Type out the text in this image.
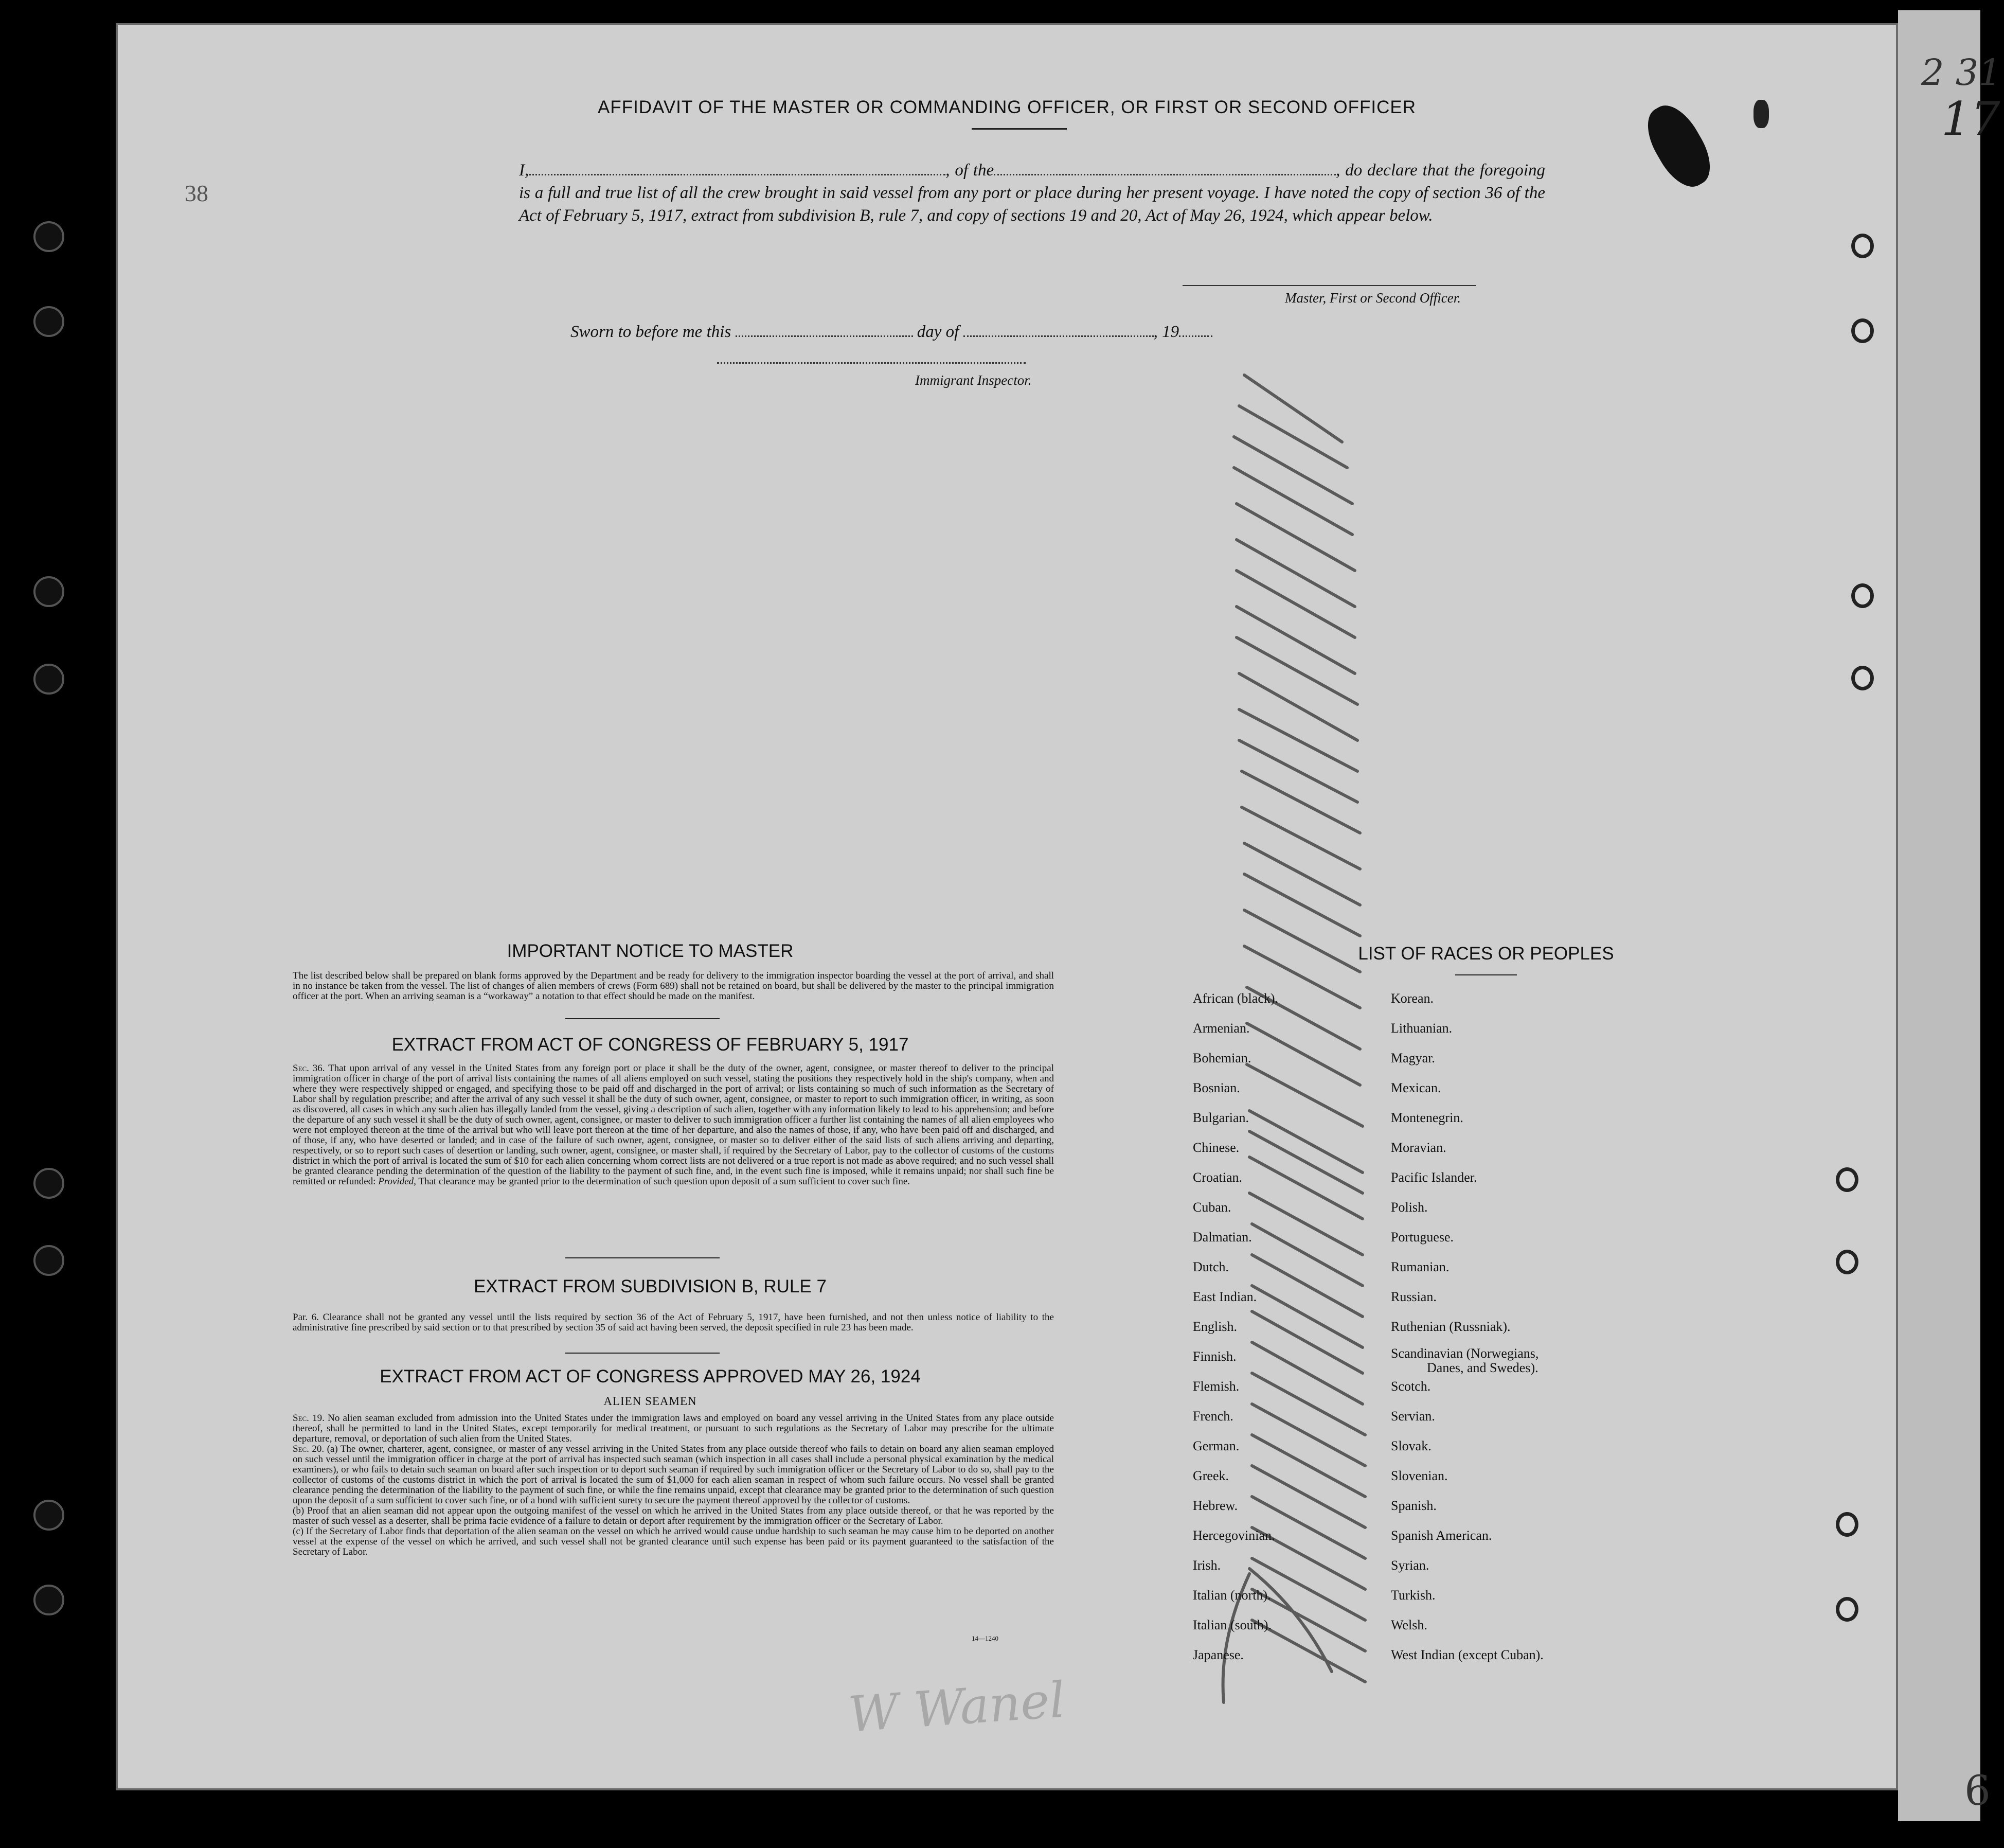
2 31
38
17
6
AFFIDAVIT OF THE MASTER OR COMMANDING OFFICER, OR FIRST OR SECOND OFFICER
I,	, of the	, do declare that the foregoing is a full and true list of all the crew brought in said vessel from any port or place during her present voyage. I have noted the copy of section 36 of the Act of February 5, 1917, extract from subdivision B, rule 7, and copy of sections 19 and 20, Act of May 26, 1924, which appear below.
Master, First or Second Officer.
Sworn to before me this	day of	, 19
Immigrant Inspector.
IMPORTANT NOTICE TO MASTER
The list described below shall be prepared on blank forms approved by the Department and be ready for delivery to the immigration inspector boarding the vessel at the port of arrival, and shall in no instance be taken from the vessel. The list of changes of alien members of crews (Form 689) shall not be retained on board, but shall be delivered by the master to the principal immigration officer at the port. When an arriving seaman is a “workaway” a notation to that effect should be made on the manifest.
EXTRACT FROM ACT OF CONGRESS OF FEBRUARY 5, 1917
Sec. 36. That upon arrival of any vessel in the United States from any foreign port or place it shall be the duty of the owner, agent, consignee, or master thereof to deliver to the principal immigration officer in charge of the port of arrival lists containing the names of all aliens employed on such vessel, stating the positions they respectively hold in the ship's company, when and where they were respectively shipped or engaged, and specifying those to be paid off and discharged in the port of arrival; or lists containing so much of such information as the Secretary of Labor shall by regulation prescribe; and after the arrival of any such vessel it shall be the duty of such owner, agent, consignee, or master to report to such immigration officer, in writing, as soon as discovered, all cases in which any such alien has illegally landed from the vessel, giving a description of such alien, together with any information likely to lead to his apprehension; and before the departure of any such vessel it shall be the duty of such owner, agent, consignee, or master to deliver to such immigration officer a further list containing the names of all alien employees who were not employed thereon at the time of the arrival but who will leave port thereon at the time of her departure, and also the names of those, if any, who have been paid off and discharged, and of those, if any, who have deserted or landed; and in case of the failure of such owner, agent, consignee, or master so to deliver either of the said lists of such aliens arriving and departing, respectively, or so to report such cases of desertion or landing, such owner, agent, consignee, or master shall, if required by the Secretary of Labor, pay to the collector of customs of the customs district in which the port of arrival is located the sum of $10 for each alien concerning whom correct lists are not delivered or a true report is not made as above required; and no such vessel shall be granted clearance pending the determination of the question of the liability to the payment of such fine, and, in the event such fine is imposed, while it remains unpaid; nor shall such fine be remitted or refunded: Provided, That clearance may be granted prior to the determination of such question upon deposit of a sum sufficient to cover such fine.
EXTRACT FROM SUBDIVISION B, RULE 7
Par. 6. Clearance shall not be granted any vessel until the lists required by section 36 of the Act of February 5, 1917, have been furnished, and not then unless notice of liability to the administrative fine prescribed by said section or to that prescribed by section 35 of said act having been served, the deposit specified in rule 23 has been made.
EXTRACT FROM ACT OF CONGRESS APPROVED MAY 26, 1924
ALIEN SEAMEN
Sec. 19. No alien seaman excluded from admission into the United States under the immigration laws and employed on board any vessel arriving in the United States from any place outside thereof, shall be permitted to land in the United States, except temporarily for medical treatment, or pursuant to such regulations as the Secretary of Labor may prescribe for the ultimate departure, removal, or deportation of such alien from the United States.
Sec. 20. (a) The owner, charterer, agent, consignee, or master of any vessel arriving in the United States from any place outside thereof who fails to detain on board any alien seaman employed on such vessel until the immigration officer in charge at the port of arrival has inspected such seaman (which inspection in all cases shall include a personal physical examination by the medical examiners), or who fails to detain such seaman on board after such inspection or to deport such seaman if required by such immigration officer or the Secretary of Labor to do so, shall pay to the collector of customs of the customs district in which the port of arrival is located the sum of $1,000 for each alien seaman in respect of whom such failure occurs. No vessel shall be granted clearance pending the determination of the liability to the payment of such fine, or while the fine remains unpaid, except that clearance may be granted prior to the determination of such question upon the deposit of a sum sufficient to cover such fine, or of a bond with sufficient surety to secure the payment thereof approved by the collector of customs.
(b) Proof that an alien seaman did not appear upon the outgoing manifest of the vessel on which he arrived in the United States from any place outside thereof, or that he was reported by the master of such vessel as a deserter, shall be prima facie evidence of a failure to detain or deport after requirement by the immigration officer or the Secretary of Labor.
(c) If the Secretary of Labor finds that deportation of the alien seaman on the vessel on which he arrived would cause undue hardship to such seaman he may cause him to be deported on another vessel at the expense of the vessel on which he arrived, and such vessel shall not be granted clearance until such expense has been paid or its payment guaranteed to the satisfaction of the Secretary of Labor.
14—1240
LIST OF RACES OR PEOPLES
African (black).
Armenian.
Bohemian.
Bosnian.
Bulgarian.
Chinese.
Croatian.
Cuban.
Dalmatian.
Dutch.
East Indian.
English.
Finnish.
Flemish.
French.
German.
Greek.
Hebrew.
Hercegovinian.
Irish.
Italian (north).
Italian (south).
Japanese.
Korean.
Lithuanian.
Magyar.
Mexican.
Montenegrin.
Moravian.
Pacific Islander.
Polish.
Portuguese.
Rumanian.
Russian.
Ruthenian (Russniak).
Scandinavian (Norwegians,
Danes, and Swedes).
Scotch.
Servian.
Slovak.
Slovenian.
Spanish.
Spanish American.
Syrian.
Turkish.
Welsh.
West Indian (except Cuban).
W Wanel
